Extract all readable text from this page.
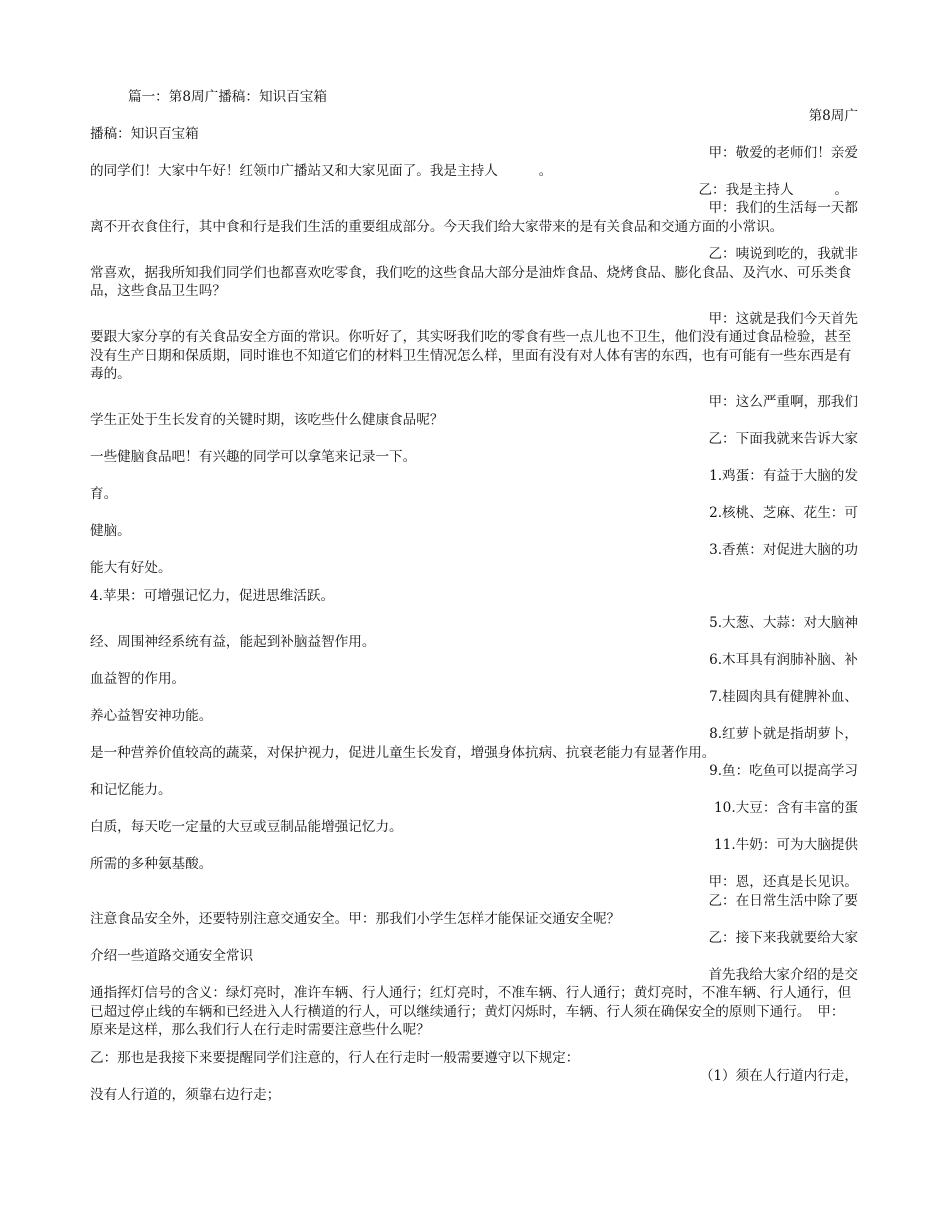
篇一：第8周广播稿：知识百宝箱
第8周广
播稿：知识百宝箱
甲：敬爱的老师们！亲爱
的同学们！大家中午好！红领巾广播站又和大家见面了。我是主持人　　　。
乙：我是主持人　　　。
甲：我们的生活每一天都
离不开衣食住行，其中食和行是我们生活的重要组成部分。今天我们给大家带来的是有关食品和交通方面的小常识。
乙：咦说到吃的，我就非
常喜欢，据我所知我们同学们也都喜欢吃零食，我们吃的这些食品大部分是油炸食品、烧烤食品、膨化食品、及汽水、可乐类食品，这些食品卫生吗？
甲：这就是我们今天首先
要跟大家分享的有关食品安全方面的常识。你听好了，其实呀我们吃的零食有些一点儿也不卫生，他们没有通过食品检验，甚至没有生产日期和保质期，同时谁也不知道它们的材料卫生情况怎么样，里面有没有对人体有害的东西，也有可能有一些东西是有毒的。
甲：这么严重啊，那我们
学生正处于生长发育的关键时期，该吃些什么健康食品呢？
乙：下面我就来告诉大家
一些健脑食品吧！有兴趣的同学可以拿笔来记录一下。
1.鸡蛋：有益于大脑的发
育。
2.核桃、芝麻、花生：可
健脑。
3.香蕉：对促进大脑的功
能大有好处。
4.苹果：可增强记忆力，促进思维活跃。
5.大葱、大蒜：对大脑神
经、周围神经系统有益，能起到补脑益智作用。
6.木耳具有润肺补脑、补
血益智的作用。
7.桂圆肉具有健脾补血、
养心益智安神功能。
8.红萝卜就是指胡萝卜，
是一种营养价值较高的蔬菜，对保护视力，促进儿童生长发育，增强身体抗病、抗衰老能力有显著作用。
9.鱼：吃鱼可以提高学习
和记忆能力。
10.大豆：含有丰富的蛋
白质，每天吃一定量的大豆或豆制品能增强记忆力。
11.牛奶：可为大脑提供
所需的多种氨基酸。
甲：恩，还真是长见识。
乙：在日常生活中除了要
注意食品安全外，还要特别注意交通安全。甲：那我们小学生怎样才能保证交通安全呢？
乙：接下来我就要给大家
介绍一些道路交通安全常识
首先我给大家介绍的是交
通指挥灯信号的含义：绿灯亮时，准许车辆、行人通行；红灯亮时，不准车辆、行人通行；黄灯亮时，不准车辆、行人通行，但已超过停止线的车辆和已经进入人行横道的行人，可以继续通行；黄灯闪烁时，车辆、行人须在确保安全的原则下通行。　甲：原来是这样，那么我们行人在行走时需要注意些什么呢？
乙：那也是我接下来要提醒同学们注意的，行人在行走时一般需要遵守以下规定：
（1）须在人行道内行走，
没有人行道的，须靠右边行走；
